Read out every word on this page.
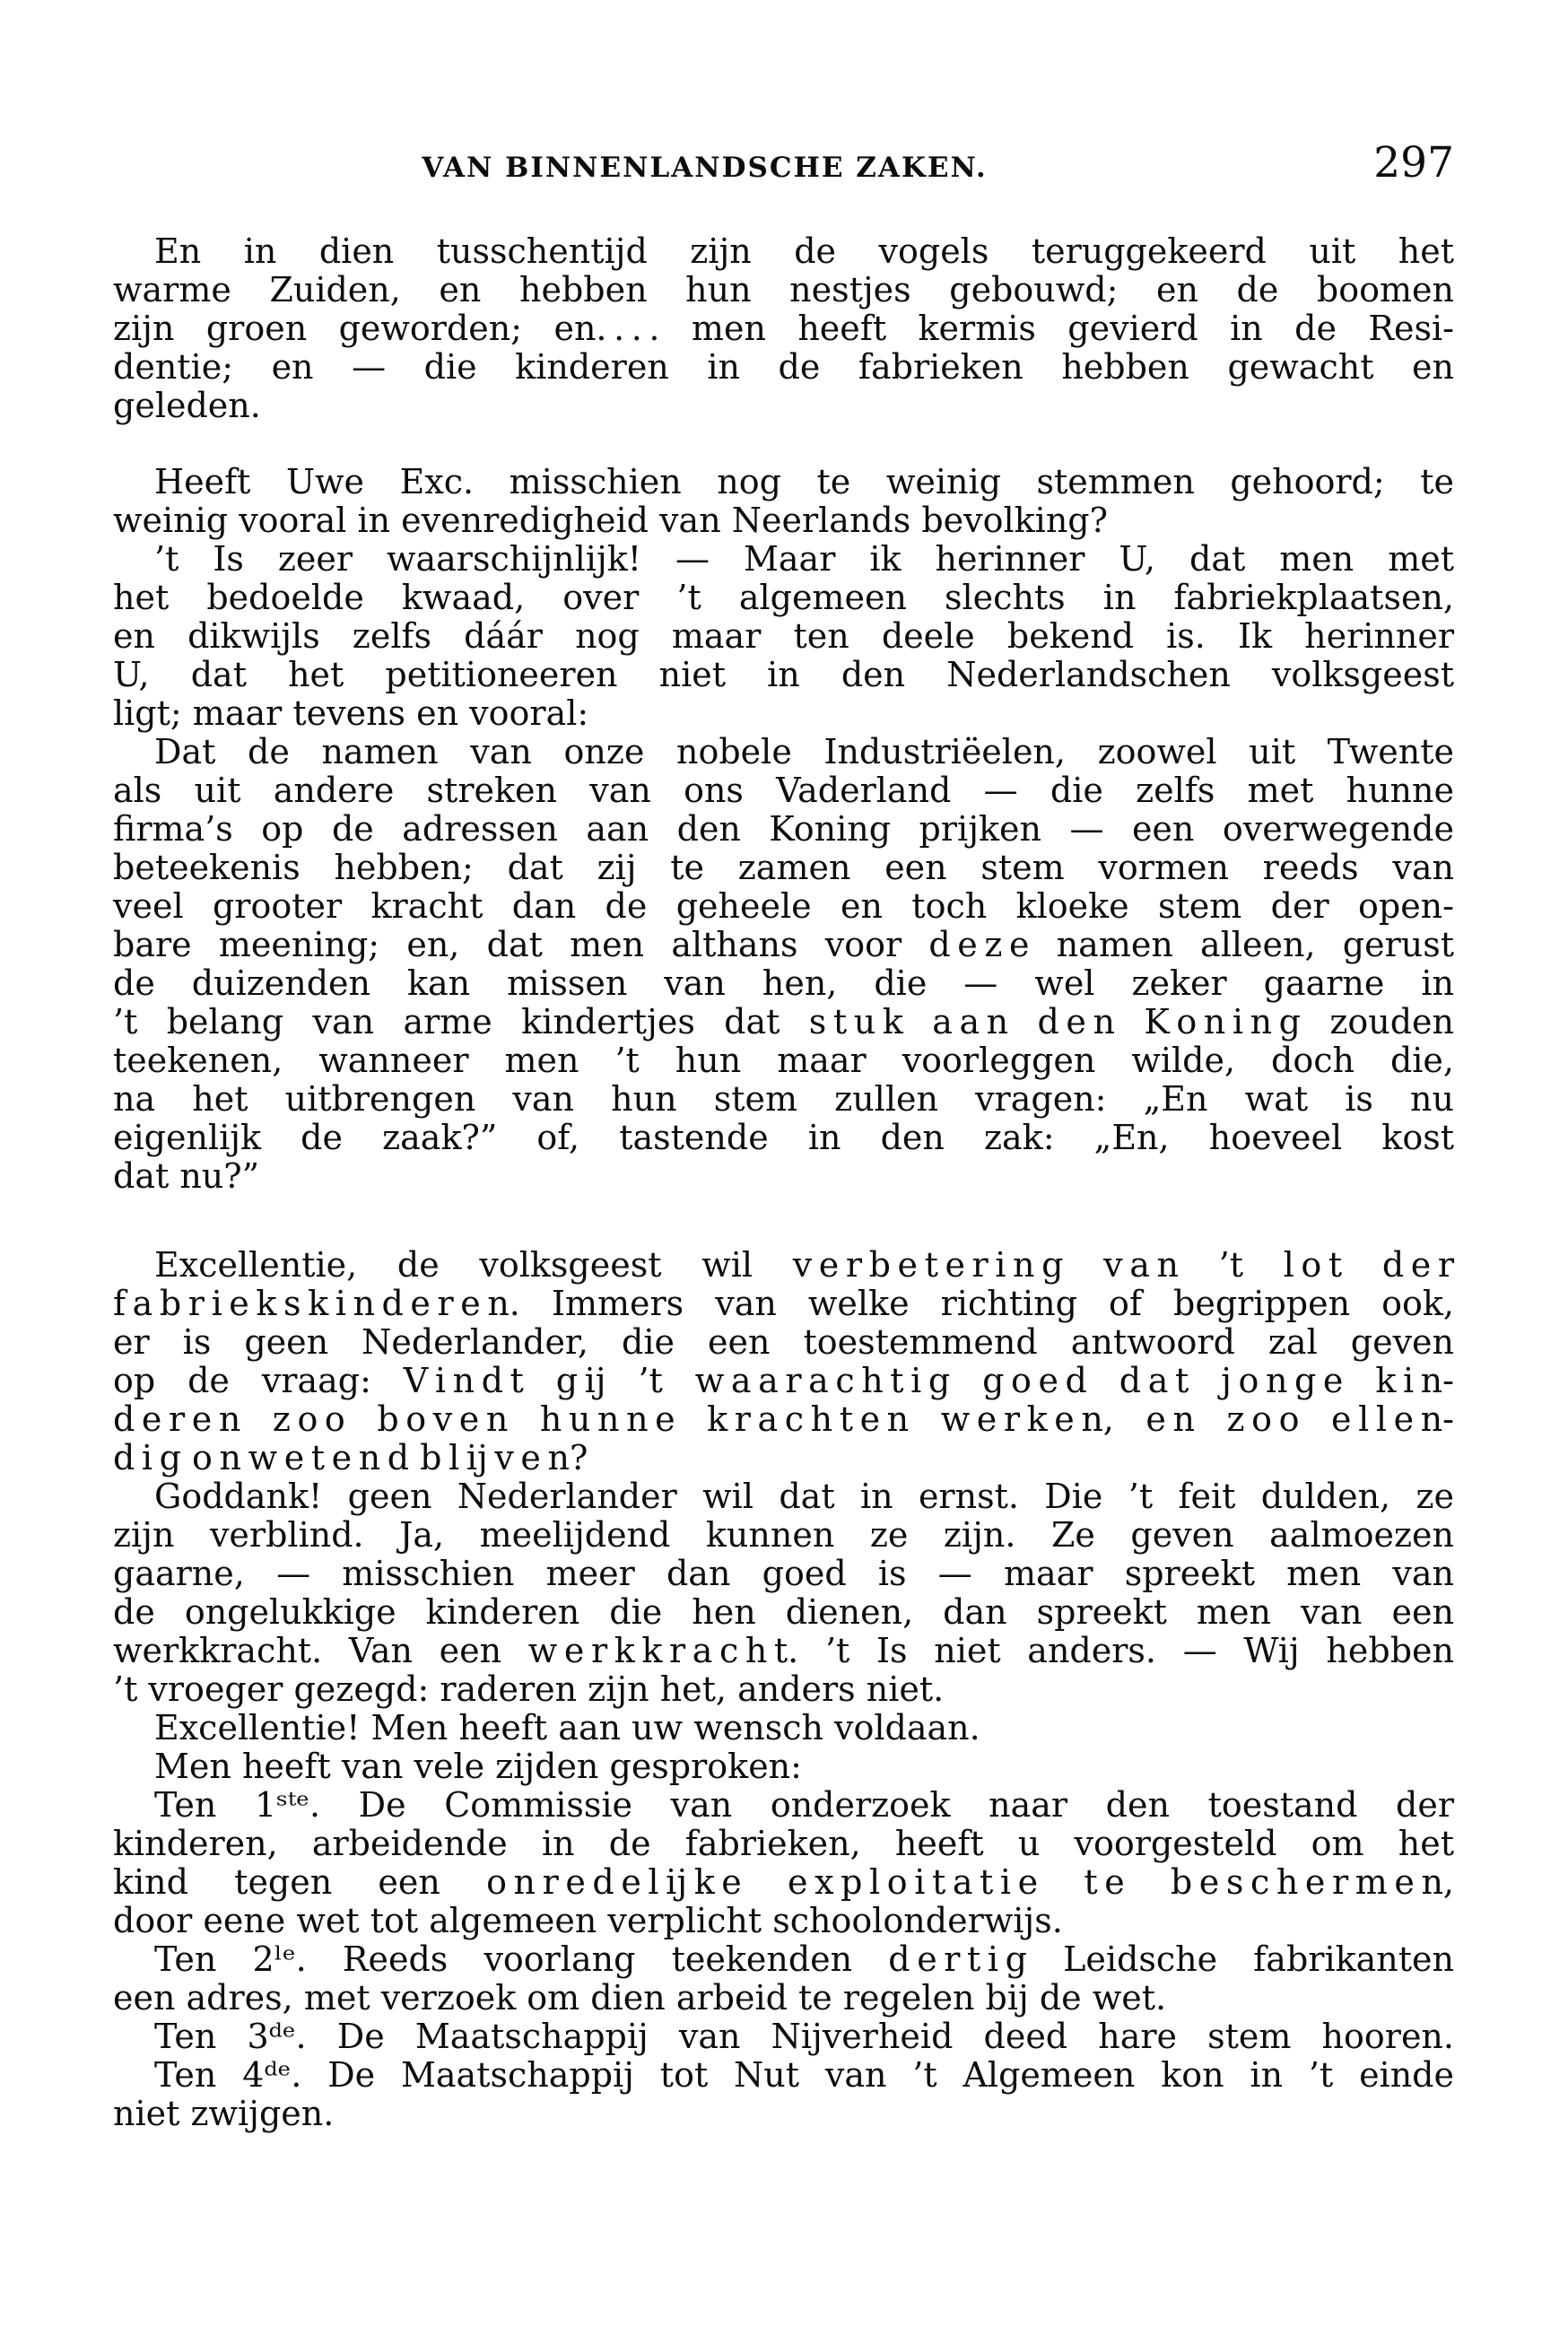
VAN BINNENLANDSCHE ZAKEN.	297
En in dien tusschentijd zijn de vogels teruggekeerd uit het
warme Zuiden, en hebben hun nestjes gebouwd; en de boomen
zijn groen geworden; en. . . . men heeft kermis gevierd in de Resi-
dentie; en — die kinderen in de fabrieken hebben gewacht en
geleden.
Heeft Uwe Exc. misschien nog te weinig stemmen gehoord; te
weinig vooral in evenredigheid van Neerlands bevolking?
’t Is zeer waarschijnlijk! — Maar ik herinner U, dat men met
het bedoelde kwaad, over ’t algemeen slechts in fabriekplaatsen,
en dikwijls zelfs dáár nog maar ten deele bekend is. Ik herinner
U, dat het petitioneeren niet in den Nederlandschen volksgeest
ligt; maar tevens en vooral:
Dat de namen van onze nobele Industriëelen, zoowel uit Twente
als uit andere streken van ons Vaderland — die zelfs met hunne
firma’s op de adressen aan den Koning prijken — een overwegende
beteekenis hebben; dat zij te zamen een stem vormen reeds van
veel grooter kracht dan de geheele en toch kloeke stem der open-
bare meening; en, dat men althans voor d e z e namen alleen, gerust
de duizenden kan missen van hen, die — wel zeker gaarne in
’t belang van arme kindertjes dat s t u k a a n d e n K o n i n g zouden
teekenen, wanneer men ’t hun maar voorleggen wilde, doch die,
na het uitbrengen van hun stem zullen vragen: „En wat is nu
eigenlijk de zaak?” of, tastende in den zak: „En, hoeveel kost
dat nu?”
Excellentie, de volksgeest wil v e r b e t e r i n g v a n ’t l o t d e r
f a b r i e k s k i n d e r e n. Immers van welke richting of begrippen ook,
er is geen Nederlander, die een toestemmend antwoord zal geven
op de vraag: V i n d t g ij ’t w a a r a c h t i g g o e d d a t j o n g e k i n-
d e r e n z o o b o v e n h u n n e k r a c h t e n w e r k e n, e n z o o e l l e n-
d i g o n w e t e n d b l ij v e n?
Goddank! geen Nederlander wil dat in ernst. Die ’t feit dulden, ze
zijn verblind. Ja, meelijdend kunnen ze zijn. Ze geven aalmoezen
gaarne, — misschien meer dan goed is — maar spreekt men van
de ongelukkige kinderen die hen dienen, dan spreekt men van een
werkkracht. Van een w e r k k r a c h t. ’t Is niet anders. — Wij hebben
’t vroeger gezegd: raderen zijn het, anders niet.
Excellentie! Men heeft aan uw wensch voldaan.
Men heeft van vele zijden gesproken:
Ten 1ˢᵗᵉ. De Commissie van onderzoek naar den toestand der
kinderen, arbeidende in de fabrieken, heeft u voorgesteld om het
kind tegen een o n r e d e l ij k e e x p l o i t a t i e t e b e s c h e r m e n,
door eene wet tot algemeen verplicht schoolonderwijs.
Ten 2ˡᵉ. Reeds voorlang teekenden d e r t i g Leidsche fabrikanten
een adres, met verzoek om dien arbeid te regelen bij de wet.
Ten 3ᵈᵉ. De Maatschappij van Nijverheid deed hare stem hooren.
Ten 4ᵈᵉ. De Maatschappij tot Nut van ’t Algemeen kon in ’t einde
niet zwijgen.
